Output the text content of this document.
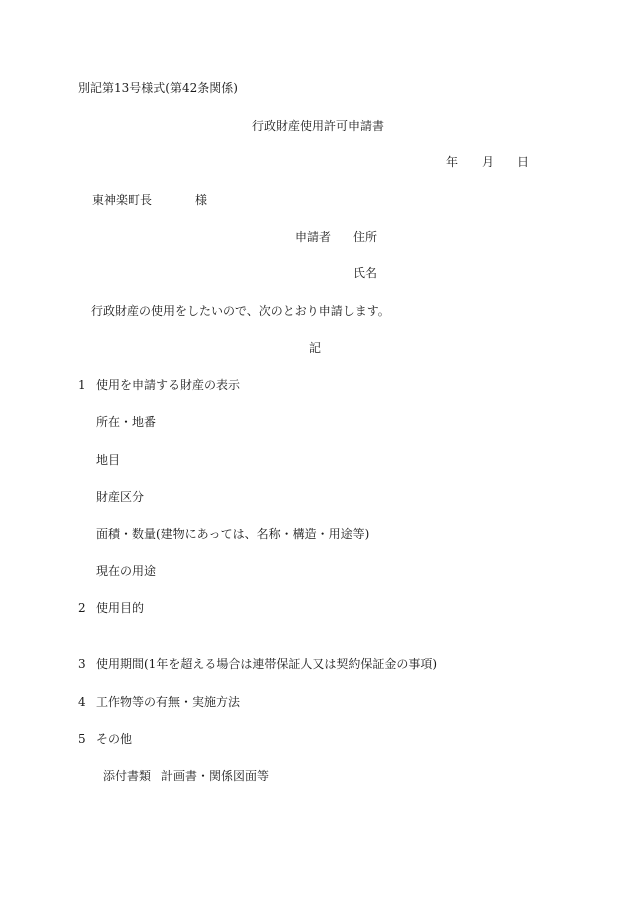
別記第13号様式(第42条関係)
行政財産使用許可申請書
年 月 日
東神楽町長	様
申請者 住所
氏名
行政財産の使用をしたいので、次のとおり申請します。
記
1 使用を申請する財産の表示
所在・地番
地目
財産区分
面積・数量(建物にあっては、名称・構造・用途等)
現在の用途
2 使用目的
3 使用期間(1年を超える場合は連帯保証人又は契約保証金の事項)
4 工作物等の有無・実施方法
5 その他
添付書類 計画書・関係図面等
